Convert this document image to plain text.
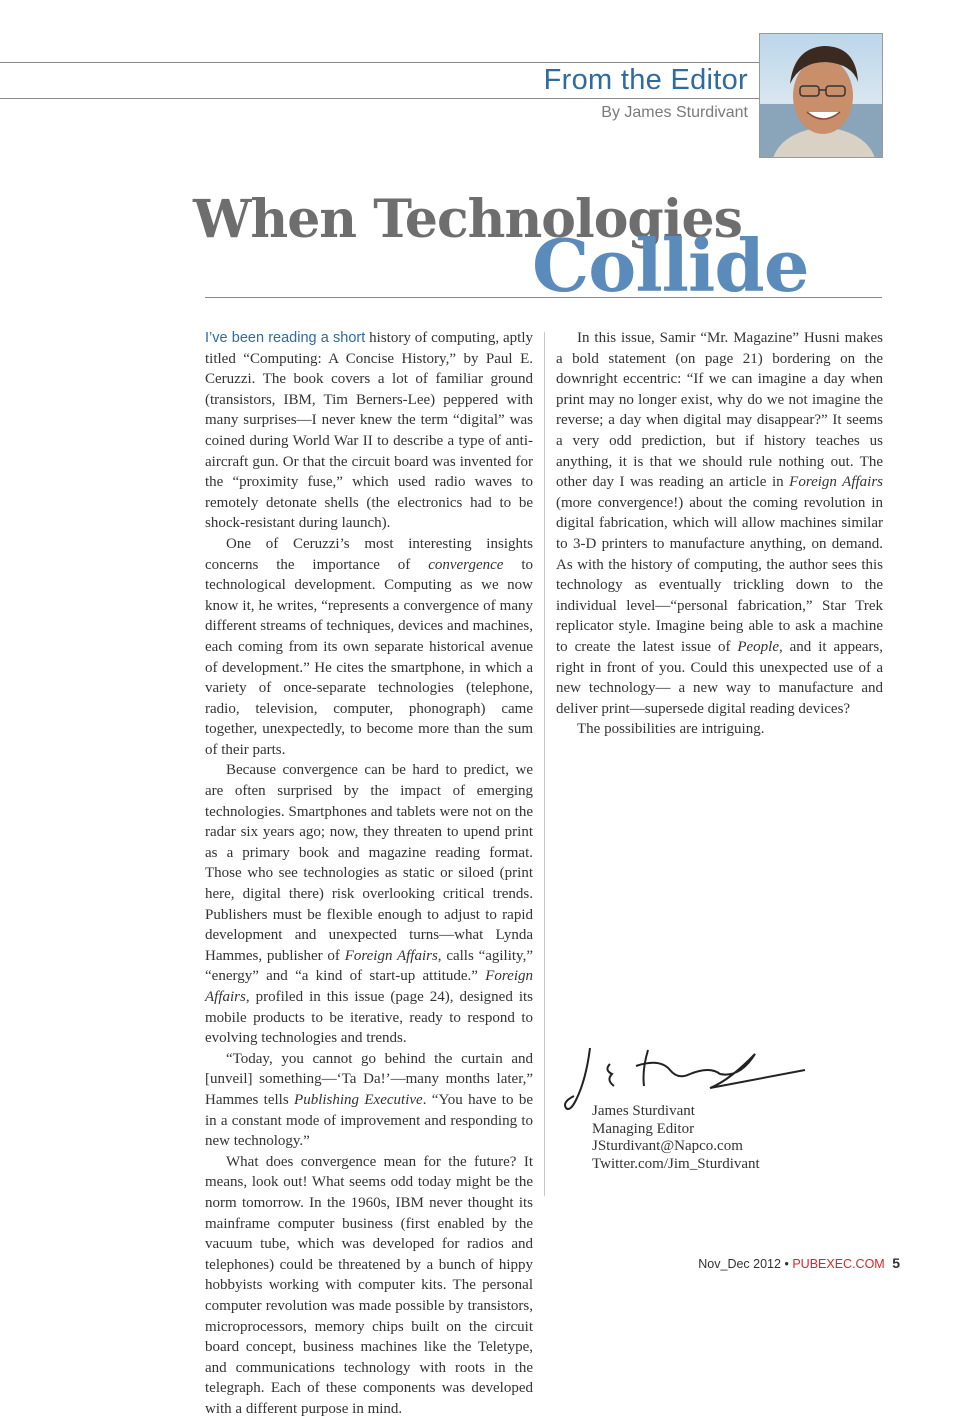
From the Editor
By James Sturdivant
When Technologies
Collide

I’ve been reading a short history of computing, aptly titled “Computing: A Concise History,” by Paul E. Ceruzzi. The book covers a lot of familiar ground (transistors, IBM, Tim Berners-Lee) peppered with many surprises—I never knew the term “digital” was coined during World War II to describe a type of anti-aircraft gun. Or that the circuit board was invented for the “proximity fuse,” which used radio waves to remotely detonate shells (the electronics had to be shock-resistant during launch).

One of Ceruzzi’s most interesting insights concerns the importance of convergence to technological development. Computing as we now know it, he writes, “represents a convergence of many different streams of techniques, devices and machines, each coming from its own separate historical avenue of development.” He cites the smartphone, in which a variety of once-separate technologies (telephone, radio, television, computer, phonograph) came together, unexpectedly, to become more than the sum of their parts.

Because convergence can be hard to predict, we are often surprised by the impact of emerging technologies. Smartphones and tablets were not on the radar six years ago; now, they threaten to upend print as a primary book and magazine reading format. Those who see technologies as static or siloed (print here, digital there) risk overlooking critical trends. Publishers must be flexible enough to adjust to rapid development and unexpected turns—what Lynda Hammes, publisher of Foreign Affairs, calls “agility,” “energy” and “a kind of start-up attitude.” Foreign Affairs, profiled in this issue (page 24), designed its mobile products to be iterative, ready to respond to evolving technologies and trends.

“Today, you cannot go behind the curtain and [unveil] something—‘Ta Da!’—many months later,” Hammes tells Publishing Executive. “You have to be in a constant mode of improvement and responding to new technology.”

What does convergence mean for the future? It means, look out! What seems odd today might be the norm tomorrow. In the 1960s, IBM never thought its mainframe computer business (first enabled by the vacuum tube, which was developed for radios and telephones) could be threatened by a bunch of hippy hobbyists working with computer kits. The personal computer revolution was made possible by transistors, microprocessors, memory chips built on the circuit board concept, business machines like the Teletype, and communications technology with roots in the telegraph. Each of these components was developed with a different purpose in mind.

In this issue, Samir “Mr. Magazine” Husni makes a bold statement (on page 21) bordering on the downright eccentric: “If we can imagine a day when print may no longer exist, why do we not imagine the reverse; a day when digital may disappear?” It seems a very odd prediction, but if history teaches us anything, it is that we should rule nothing out. The other day I was reading an article in Foreign Affairs (more convergence!) about the coming revolution in digital fabrication, which will allow machines similar to 3-D printers to manufacture anything, on demand. As with the history of computing, the author sees this technology as eventually trickling down to the individual level—“personal fabrication,” Star Trek replicator style. Imagine being able to ask a machine to create the latest issue of People, and it appears, right in front of you. Could this unexpected use of a new technology— a new way to manufacture and deliver print—supersede digital reading devices?

The possibilities are intriguing.

James Sturdivant
Managing Editor
JSturdivant@Napco.com
Twitter.com/Jim_Sturdivant
Nov_Dec 2012 • PUBEXEC.COM 5
